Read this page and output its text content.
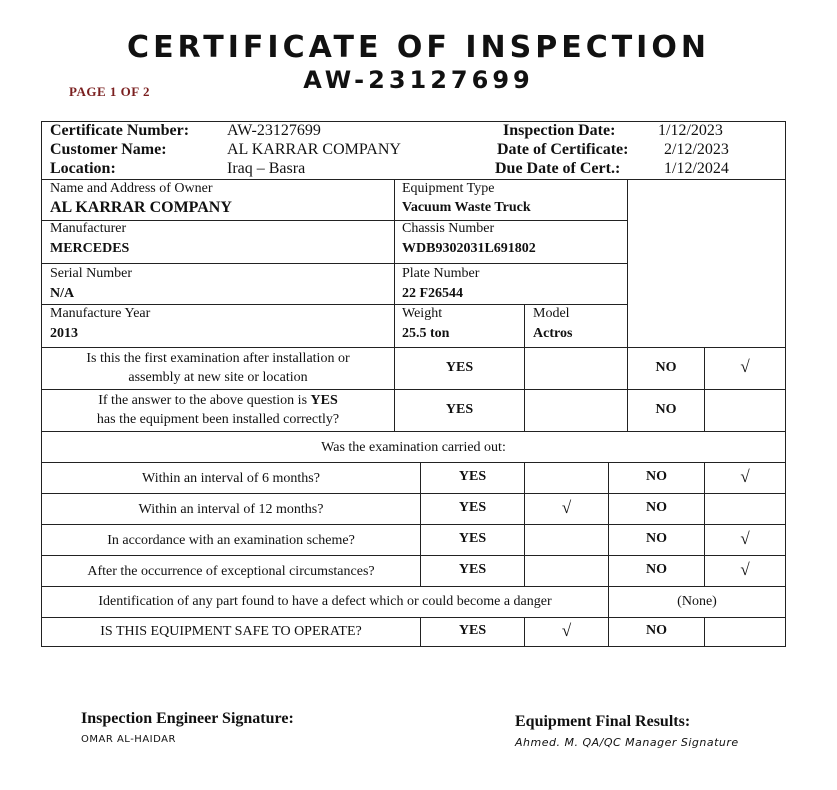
CERTIFICATE OF INSPECTION
AW-23127699
PAGE 1 OF 2
Certificate Number: AW-23127699
Customer Name:	AL KARRAR COMPANY
Location:	Iraq – Basra
Inspection Date:	1/12/2023
Date of Certificate: 2/12/2023
Due Date of Cert.:	1/12/2024
Name and Address of Owner
AL KARRAR COMPANY
Equipment Type
Vacuum Waste Truck
Manufacturer
MERCEDES
Chassis Number
WDB9302031L691802
Serial Number
N/A
Plate Number
22 F26544
Manufacture Year
2013
Weight
25.5 ton
Model
Actros
Is this the first examination after installation or
assembly at new site or location
YES	NO	√
If the answer to the above question is YES
has the equipment been installed correctly?
YES	NO
Was the examination carried out:
Within an interval of 6 months?	YES	NO	√
Within an interval of 12 months?	YES	√	NO
In accordance with an examination scheme?	YES	NO	√
After the occurrence of exceptional circumstances?	YES	NO	√
Identification of any part found to have a defect which or could become a danger	(None)
IS THIS EQUIPMENT SAFE TO OPERATE?	YES	√	NO
Inspection Engineer Signature:
OMAR AL-HAIDAR
Equipment Final Results:
Ahmed. M. QA/QC Manager Signature
